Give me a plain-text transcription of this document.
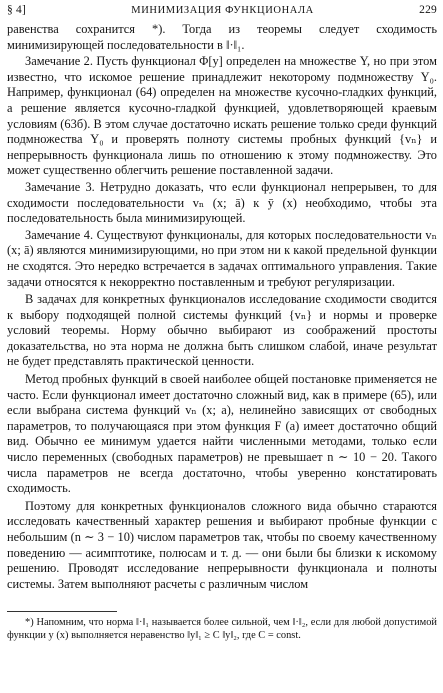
§ 4]	МИНИМИЗАЦИЯ ФУНКЦИОНАЛА	229

равенства сохранится *). Тогда из теоремы следует сходимость минимизирующей последовательности в ‖·‖₁.

Замечание 2. Пусть функционал Φ[y] определен на множестве Y, но при этом известно, что искомое решение принадлежит некоторому подмножеству Y₀. Например, функционал (64) определен на множестве кусочно-гладких функций, а решение является кусочно-гладкой функцией, удовлетворяющей краевым условиям (63б). В этом случае достаточно искать решение только среди функций подмножества Y₀ и проверять полноту системы пробных функций {vₙ} и непрерывность функционала лишь по отношению к этому подмножеству. Это может существенно облегчить решение поставленной задачи.

Замечание 3. Нетрудно доказать, что если функционал непрерывен, то для сходимости последовательности vₙ (x; ā) к ȳ (x) необходимо, чтобы эта последовательность была минимизирующей.

Замечание 4. Существуют функционалы, для которых последовательности vₙ (x; ā) являются минимизирующими, но при этом ни к какой предельной функции не сходятся. Это нередко встречается в задачах оптимального управления. Такие задачи относятся к некорректно поставленным и требуют регуляризации.

В задачах для конкретных функционалов исследование сходимости сводится к выбору подходящей полной системы функций {vₙ} и нормы и проверке условий теоремы. Норму обычно выбирают из соображений простоты доказательства, но эта норма не должна быть слишком слабой, иначе результат не будет представлять практической ценности.

Метод пробных функций в своей наиболее общей постановке применяется не часто. Если функционал имеет достаточно сложный вид, как в примере (65), или если выбрана система функций vₙ (x; a), нелинейно зависящих от свободных параметров, то получающаяся при этом функция F (a) имеет достаточно общий вид. Обычно ее минимум удается найти численными методами, только если число переменных (свободных параметров) не превышает n ∼ 10 − 20. Такого числа параметров не всегда достаточно, чтобы уверенно констатировать сходимость.

Поэтому для конкретных функционалов сложного вида обычно стараются исследовать качественный характер решения и выбирают пробные функции с небольшим (n ∼ 3 − 10) числом параметров так, чтобы по своему качественному поведению — асимптотике, полюсам и т. д. — они были бы близки к искомому решению. Проводят исследование непрерывности функционала и полноты системы. Затем выполняют расчеты с различным числом

*) Напомним, что норма ‖·‖₁ называется более сильной, чем ‖·‖₂, если для любой допустимой функции y (x) выполняется неравенство ‖y‖₁ ≥ C ‖y‖₂, где C = const.
